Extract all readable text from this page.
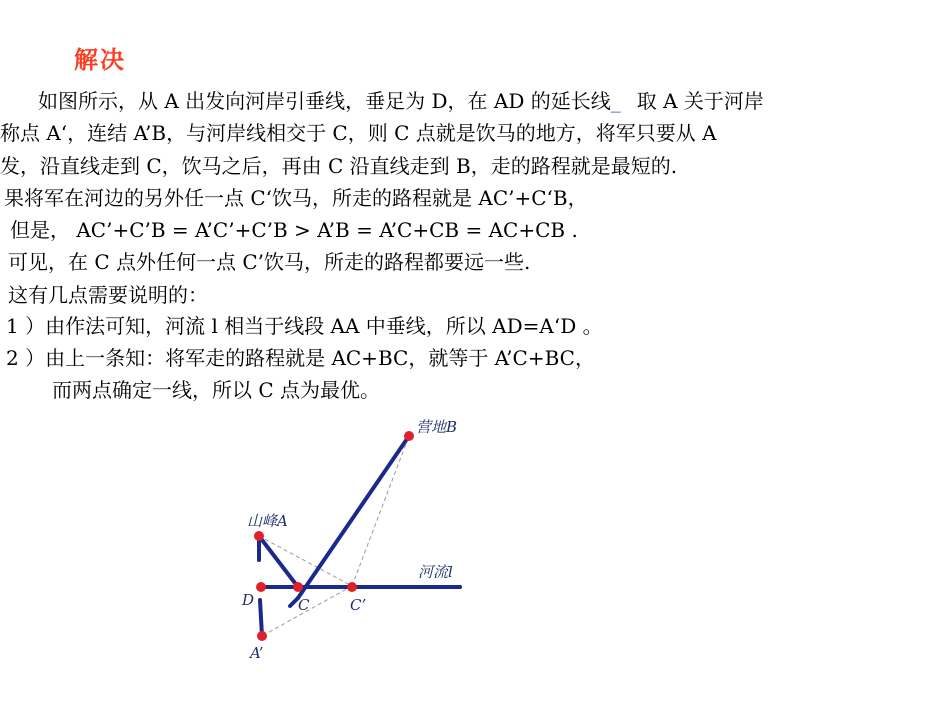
解决
如图所示，从 A 出发向河岸引垂线，垂足为 D，在 AD 的延长线_ 取 A 关于河岸
称点 A‘，连结 A’B，与河岸线相交于 C，则 C 点就是饮马的地方，将军只要从 A
发，沿直线走到 C，饮马之后，再由 C 沿直线走到 B，走的路程就是最短的.
果将军在河边的另外任一点 C‘饮马，所走的路程就是 AC’+C‘B，
但是， AC’+C’B = A’C’+C’B > A’B = A’C+CB = AC+CB .
可见，在 C 点外任何一点 C’饮马，所走的路程都要远一些.
这有几点需要说明的：
1 ）由作法可知，河流 l 相当于线段 AA 中垂线，所以 AD=A‘D 。
2 ）由上一条知：将军走的路程就是 AC+BC，就等于 A’C+BC，
而两点确定一线，所以 C 点为最优。
营地B
山峰A
河流l
D	C	C’
A’
